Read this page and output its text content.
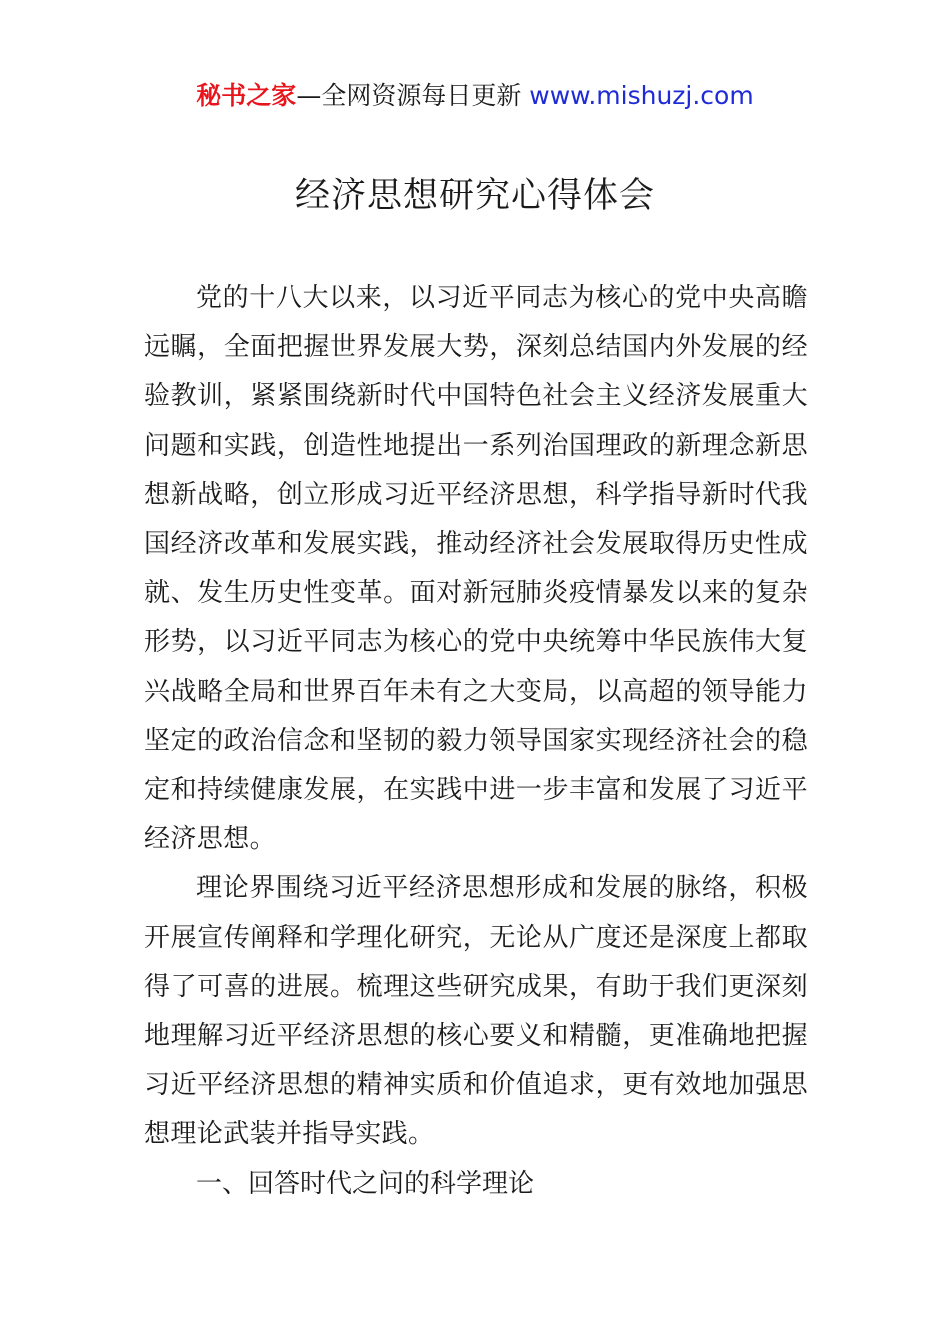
秘书之家—全网资源每日更新 www.mishuzj.com
经济思想研究心得体会

党的十八大以来，以习近平同志为核心的党中央高瞻远瞩，全面把握世界发展大势，深刻总结国内外发展的经验教训，紧紧围绕新时代中国特色社会主义经济发展重大问题和实践，创造性地提出一系列治国理政的新理念新思想新战略，创立形成习近平经济思想，科学指导新时代我国经济改革和发展实践，推动经济社会发展取得历史性成就、发生历史性变革。面对新冠肺炎疫情暴发以来的复杂形势，以习近平同志为核心的党中央统筹中华民族伟大复兴战略全局和世界百年未有之大变局，以高超的领导能力坚定的政治信念和坚韧的毅力领导国家实现经济社会的稳定和持续健康发展，在实践中进一步丰富和发展了习近平经济思想。

理论界围绕习近平经济思想形成和发展的脉络，积极开展宣传阐释和学理化研究，无论从广度还是深度上都取得了可喜的进展。梳理这些研究成果，有助于我们更深刻地理解习近平经济思想的核心要义和精髓，更准确地把握习近平经济思想的精神实质和价值追求，更有效地加强思想理论武装并指导实践。

一、回答时代之问的科学理论
